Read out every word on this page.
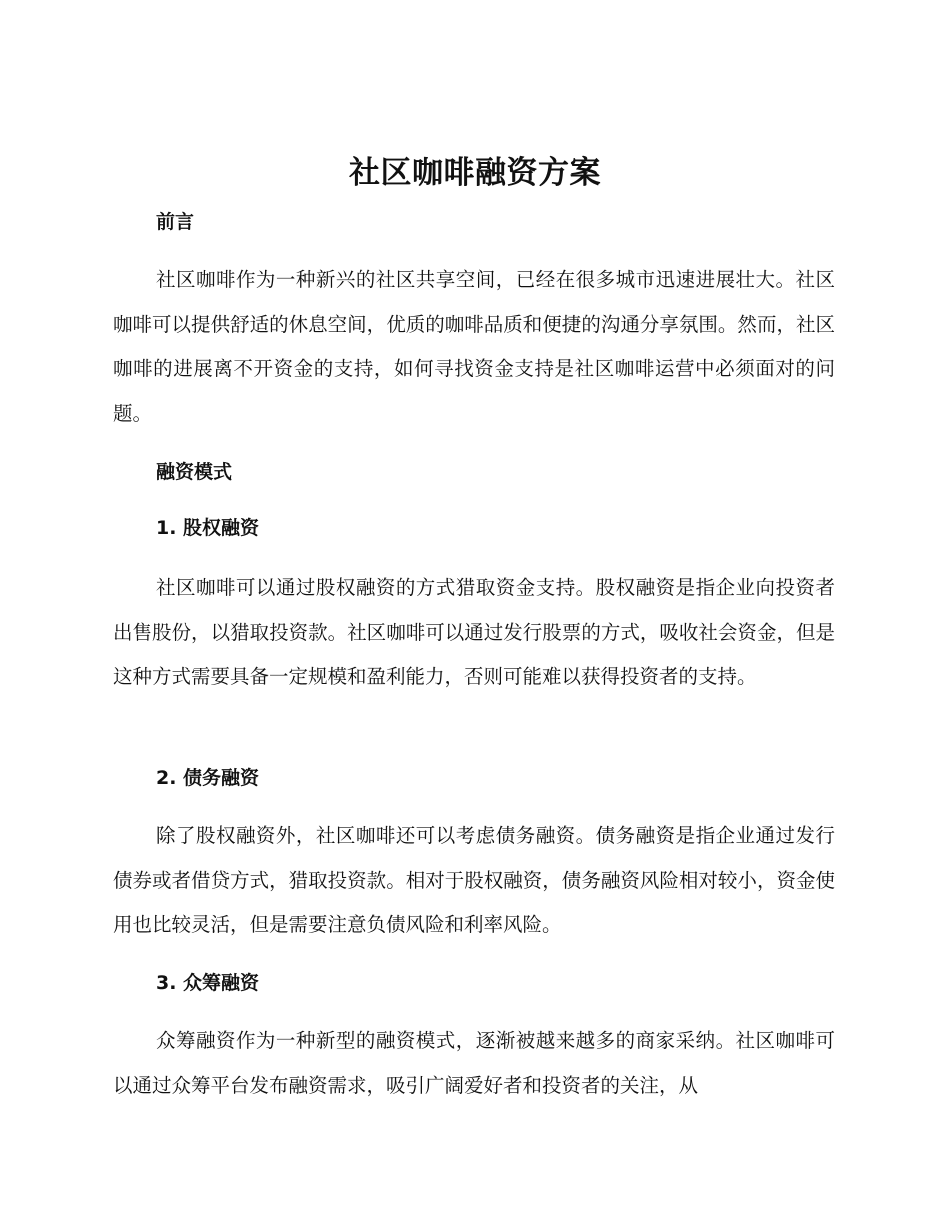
社区咖啡融资方案
前言

社区咖啡作为一种新兴的社区共享空间，已经在很多城市迅速进展壮大。社区咖啡可以提供舒适的休息空间，优质的咖啡品质和便捷的沟通分享氛围。然而，社区咖啡的进展离不开资金的支持，如何寻找资金支持是社区咖啡运营中必须面对的问题。

融资模式
1. 股权融资

社区咖啡可以通过股权融资的方式猎取资金支持。股权融资是指企业向投资者出售股份，以猎取投资款。社区咖啡可以通过发行股票的方式，吸收社会资金，但是这种方式需要具备一定规模和盈利能力，否则可能难以获得投资者的支持。

2. 债务融资

除了股权融资外，社区咖啡还可以考虑债务融资。债务融资是指企业通过发行债券或者借贷方式，猎取投资款。相对于股权融资，债务融资风险相对较小，资金使用也比较灵活，但是需要注意负债风险和利率风险。

3. 众筹融资

众筹融资作为一种新型的融资模式，逐渐被越来越多的商家采纳。社区咖啡可以通过众筹平台发布融资需求，吸引广阔爱好者和投资者的关注，从
